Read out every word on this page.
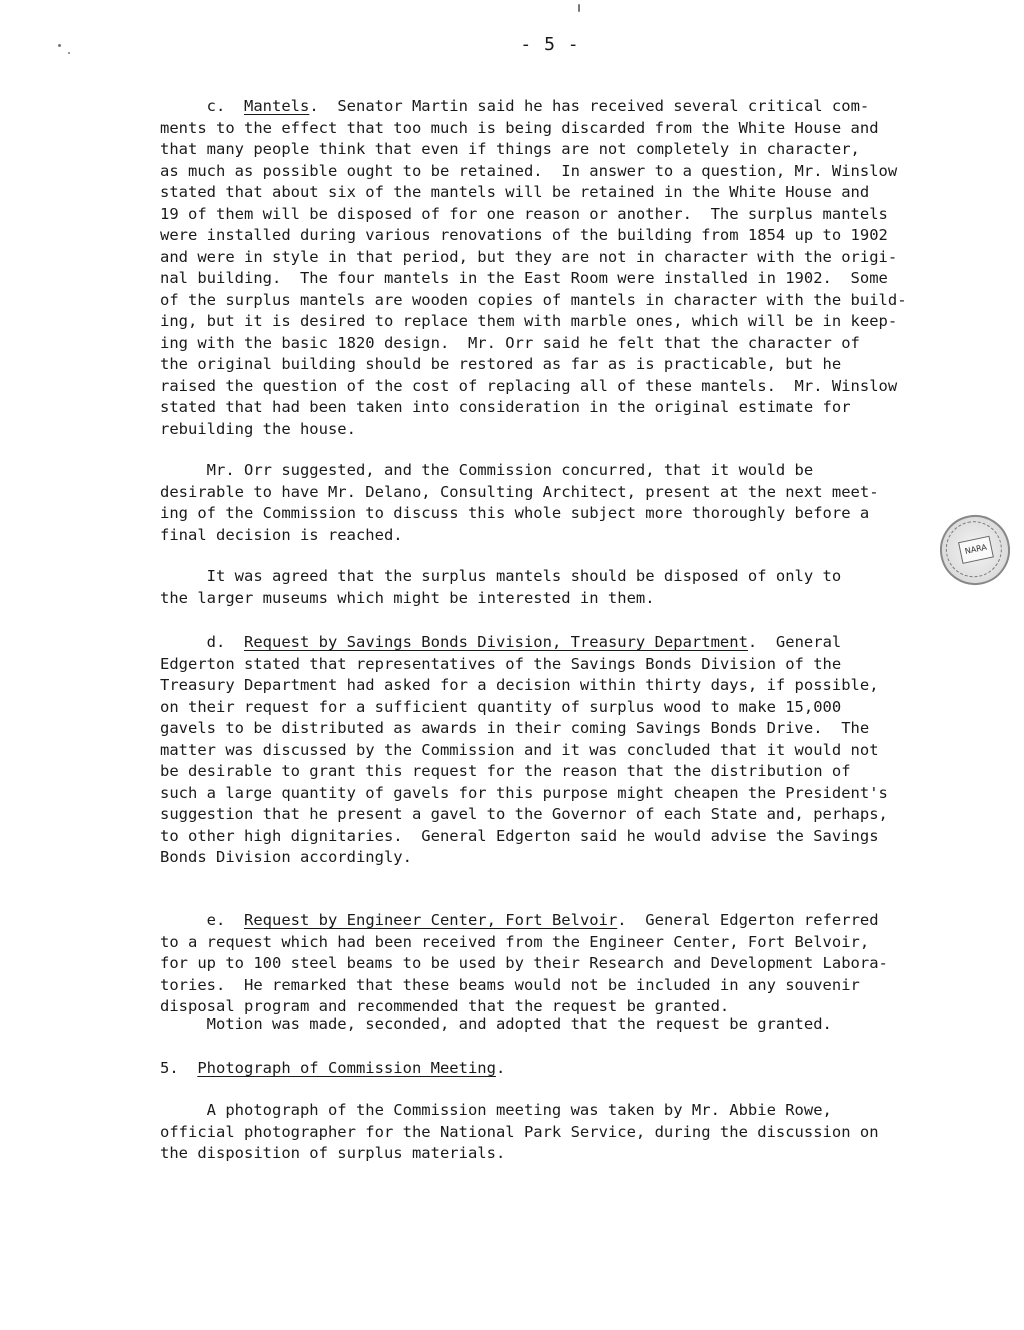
- 5 -

c.  Mantels.  Senator Martin said he has received several critical com-
ments to the effect that too much is being discarded from the White House and
that many people think that even if things are not completely in character,
as much as possible ought to be retained.  In answer to a question, Mr. Winslow
stated that about six of the mantels will be retained in the White House and
19 of them will be disposed of for one reason or another.  The surplus mantels
were installed during various renovations of the building from 1854 up to 1902
and were in style in that period, but they are not in character with the origi-
nal building.  The four mantels in the East Room were installed in 1902.  Some
of the surplus mantels are wooden copies of mantels in character with the build-
ing, but it is desired to replace them with marble ones, which will be in keep-
ing with the basic 1820 design.  Mr. Orr said he felt that the character of
the original building should be restored as far as is practicable, but he
raised the question of the cost of replacing all of these mantels.  Mr. Winslow
stated that had been taken into consideration in the original estimate for
rebuilding the house.

Mr. Orr suggested, and the Commission concurred, that it would be
desirable to have Mr. Delano, Consulting Architect, present at the next meet-
ing of the Commission to discuss this whole subject more thoroughly before a
final decision is reached.

It was agreed that the surplus mantels should be disposed of only to
the larger museums which might be interested in them.

d.  Request by Savings Bonds Division, Treasury Department.  General
Edgerton stated that representatives of the Savings Bonds Division of the
Treasury Department had asked for a decision within thirty days, if possible,
on their request for a sufficient quantity of surplus wood to make 15,000
gavels to be distributed as awards in their coming Savings Bonds Drive.  The
matter was discussed by the Commission and it was concluded that it would not
be desirable to grant this request for the reason that the distribution of
such a large quantity of gavels for this purpose might cheapen the President's
suggestion that he present a gavel to the Governor of each State and, perhaps,
to other high dignitaries.  General Edgerton said he would advise the Savings
Bonds Division accordingly.

e.  Request by Engineer Center, Fort Belvoir.  General Edgerton referred
to a request which had been received from the Engineer Center, Fort Belvoir,
for up to 100 steel beams to be used by their Research and Development Labora-
tories.  He remarked that these beams would not be included in any souvenir
disposal program and recommended that the request be granted.

Motion was made, seconded, and adopted that the request be granted.

5.  Photograph of Commission Meeting.

A photograph of the Commission meeting was taken by Mr. Abbie Rowe,
official photographer for the National Park Service, during the discussion on
the disposition of surplus materials.

NARA
